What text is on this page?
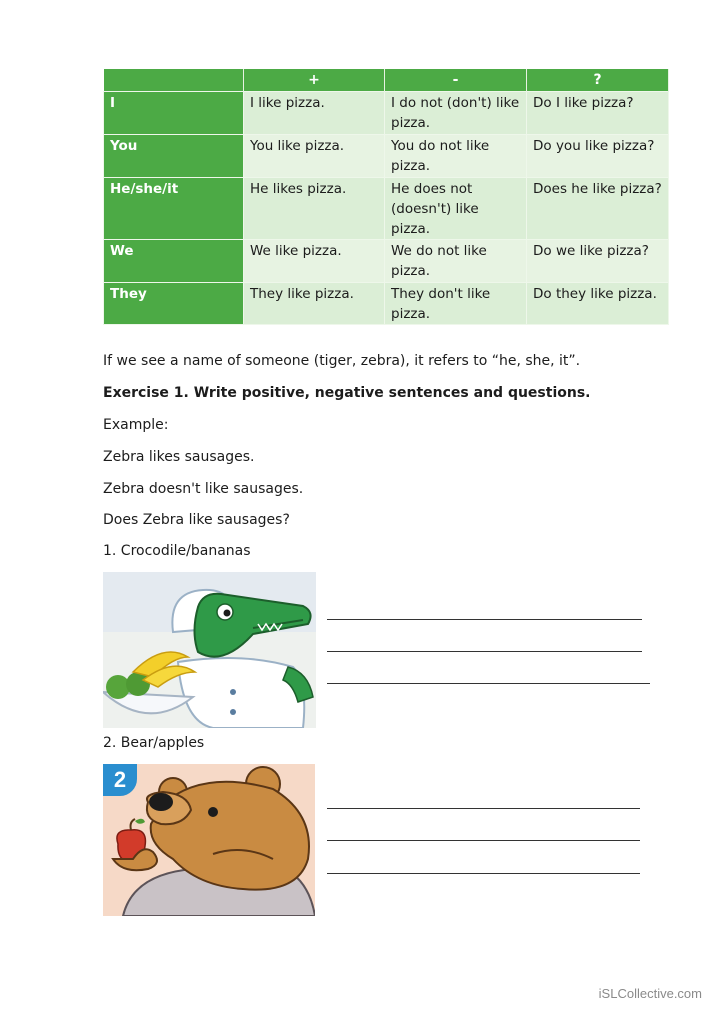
	+	-	?
I	I like pizza.	I do not (don't) like pizza.	Do I like pizza?
You	You like pizza.	You do not like pizza.	Do you like pizza?
He/she/it	He likes pizza.	He does not (doesn't) like pizza.	Does he like pizza?
We	We like pizza.	We do not like pizza.	Do we like pizza?
They	They like pizza.	They don't like pizza.	Do they like pizza.
If we see a name of someone (tiger, zebra), it refers to “he, she, it”.
Exercise 1. Write positive, negative sentences and questions.
Example:
Zebra likes sausages.
Zebra doesn't like sausages.
Does Zebra like sausages?
1. Crocodile/bananas
2. Bear/apples
2
iSLCollective.com
